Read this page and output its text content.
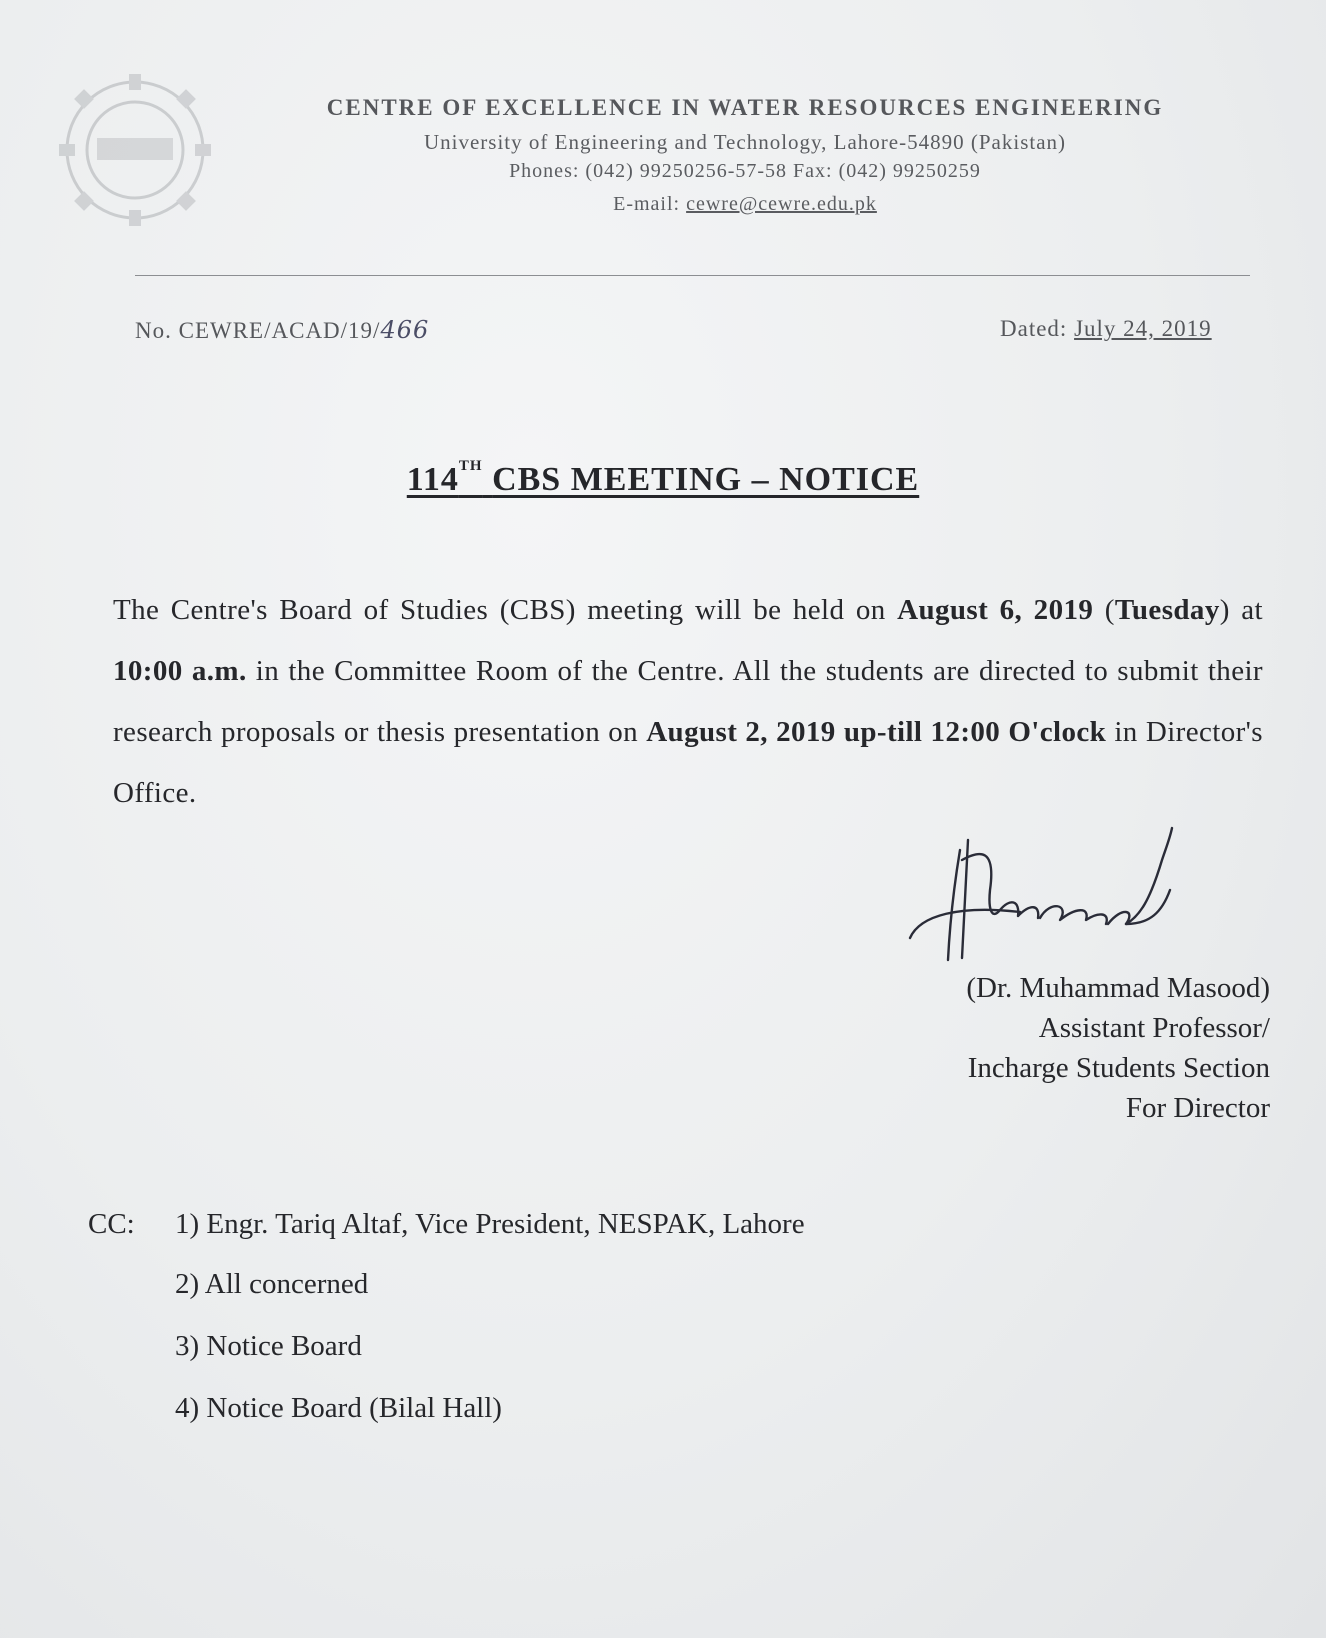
CENTRE OF EXCELLENCE IN WATER RESOURCES ENGINEERING
University of Engineering and Technology, Lahore-54890 (Pakistan)
Phones: (042) 99250256-57-58 Fax: (042) 99250259
E-mail: cewre@cewre.edu.pk
No. CEWRE/ACAD/19/466	Dated: July 24, 2019
114TH CBS MEETING – NOTICE
The Centre's Board of Studies (CBS) meeting will be held on August 6, 2019 (Tuesday) at 10:00 a.m. in the Committee Room of the Centre. All the students are directed to submit their research proposals or thesis presentation on August 2, 2019 up-till 12:00 O'clock in Director's Office.
(Dr. Muhammad Masood)
Assistant Professor/
Incharge Students Section
For Director
CC: 1) Engr. Tariq Altaf, Vice President, NESPAK, Lahore
2) All concerned
3) Notice Board
4) Notice Board (Bilal Hall)
